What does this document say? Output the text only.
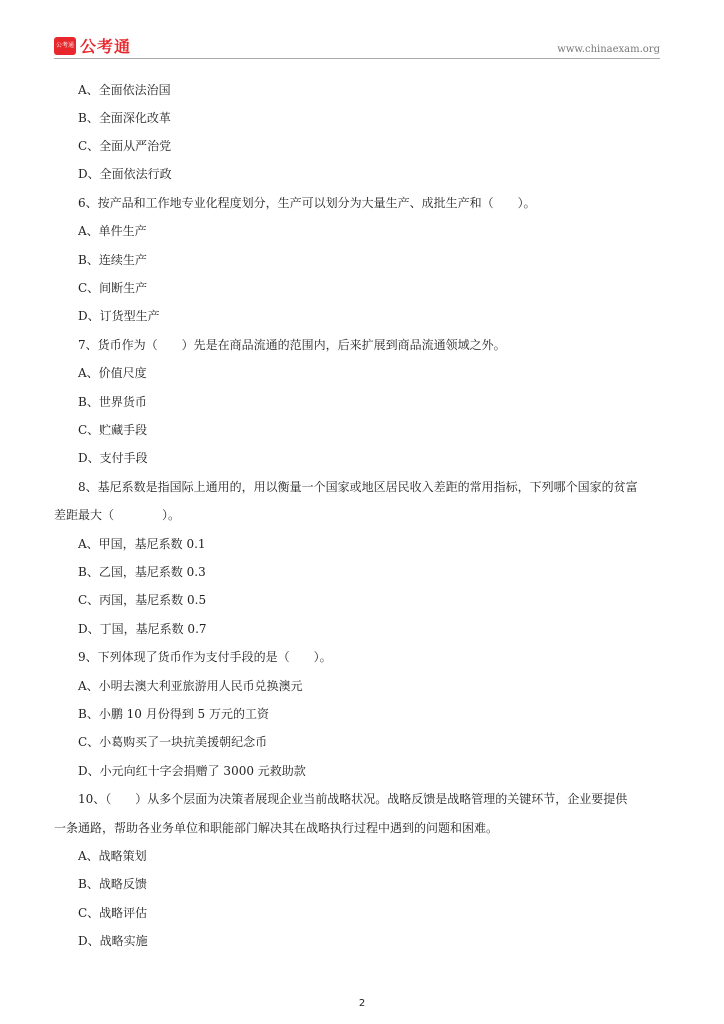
公考通 公考通	www.chinaexam.org
A、全面依法治国
B、全面深化改革
C、全面从严治党
D、全面依法行政
6、按产品和工作地专业化程度划分，生产可以划分为大量生产、成批生产和（　　）。
A、单件生产
B、连续生产
C、间断生产
D、订货型生产
7、货币作为（　　）先是在商品流通的范围内，后来扩展到商品流通领域之外。
A、价值尺度
B、世界货币
C、贮藏手段
D、支付手段
8、基尼系数是指国际上通用的，用以衡量一个国家或地区居民收入差距的常用指标，下列哪个国家的贫富
差距最大（　　　　）。
A、甲国，基尼系数 0.1
B、乙国，基尼系数 0.3
C、丙国，基尼系数 0.5
D、丁国，基尼系数 0.7
9、下列体现了货币作为支付手段的是（　　）。
A、小明去澳大利亚旅游用人民币兑换澳元
B、小鹏 10 月份得到 5 万元的工资
C、小葛购买了一块抗美援朝纪念币
D、小元向红十字会捐赠了 3000 元救助款
10、（　　）从多个层面为决策者展现企业当前战略状况。战略反馈是战略管理的关键环节，企业要提供
一条通路，帮助各业务单位和职能部门解决其在战略执行过程中遇到的问题和困难。
A、战略策划
B、战略反馈
C、战略评估
D、战略实施
2
